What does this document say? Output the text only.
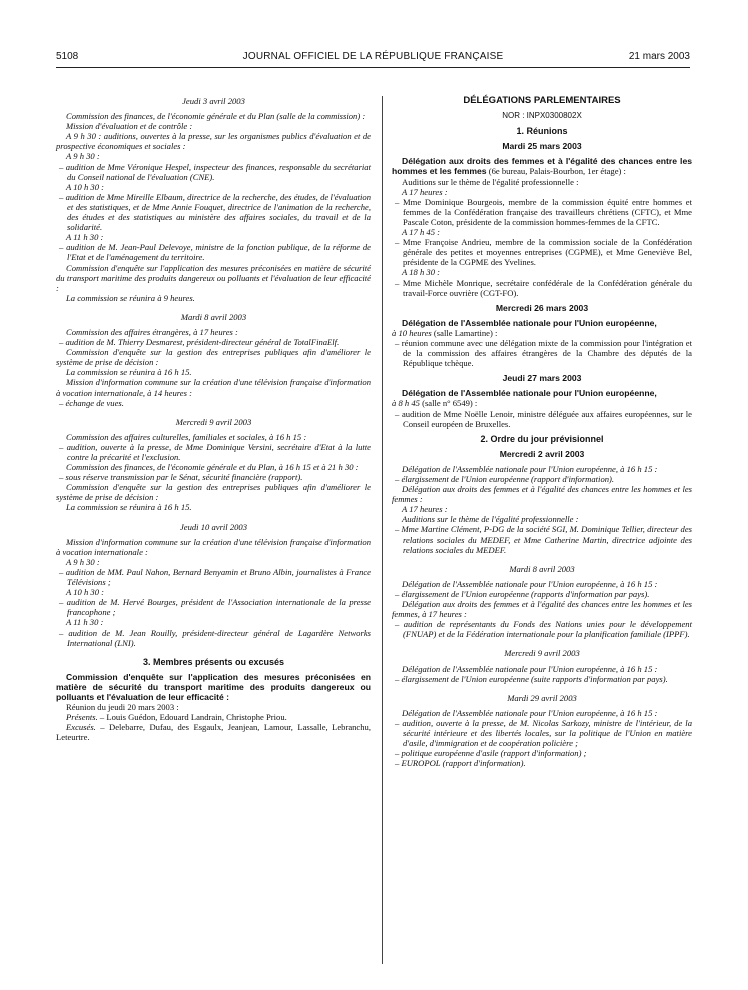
5108	JOURNAL OFFICIEL DE LA RÉPUBLIQUE FRANÇAISE	21 mars 2003

Jeudi 3 avril 2003

Commission des finances, de l'économie générale et du Plan (salle de la commission) :

Mission d'évaluation et de contrôle :

A 9 h 30 : auditions, ouvertes à la presse, sur les organismes publics d'évaluation et de prospective économiques et sociales :

A 9 h 30 :

– audition de Mme Véronique Hespel, inspecteur des finances, responsable du secrétariat du Conseil national de l'évaluation (CNE).

A 10 h 30 :

– audition de Mme Mireille Elbaum, directrice de la recherche, des études, de l'évaluation et des statistiques, et de Mme Annie Fouquet, directrice de l'animation de la recherche, des études et des statistiques au ministère des affaires sociales, du travail et de la solidarité.

A 11 h 30 :

– audition de M. Jean-Paul Delevoye, ministre de la fonction publique, de la réforme de l'Etat et de l'aménagement du territoire.

Commission d'enquête sur l'application des mesures préconisées en matière de sécurité du transport maritime des produits dangereux ou polluants et l'évaluation de leur efficacité :

La commission se réunira à 9 heures.

Mardi 8 avril 2003

Commission des affaires étrangères, à 17 heures :

– audition de M. Thierry Desmarest, président-directeur général de TotalFinaElf.

Commission d'enquête sur la gestion des entreprises publiques afin d'améliorer le système de prise de décision :

La commission se réunira à 16 h 15.

Mission d'information commune sur la création d'une télévision française d'information à vocation internationale, à 14 heures :

– échange de vues.

Mercredi 9 avril 2003

Commission des affaires culturelles, familiales et sociales, à 16 h 15 :

– audition, ouverte à la presse, de Mme Dominique Versini, secrétaire d'Etat à la lutte contre la précarité et l'exclusion.

Commission des finances, de l'économie générale et du Plan, à 16 h 15 et à 21 h 30 :

– sous réserve transmission par le Sénat, sécurité financière (rapport).

Commission d'enquête sur la gestion des entreprises publiques afin d'améliorer le système de prise de décision :

La commission se réunira à 16 h 15.

Jeudi 10 avril 2003

Mission d'information commune sur la création d'une télévision française d'information à vocation internationale :

A 9 h 30 :

– audition de MM. Paul Nahon, Bernard Benyamin et Bruno Albin, journalistes à France Télévisions ;

A 10 h 30 :

– audition de M. Hervé Bourges, président de l'Association internationale de la presse francophone ;

A 11 h 30 :

– audition de M. Jean Rouilly, président-directeur général de Lagardère Networks International (LNI).

3. Membres présents ou excusés

Commission d'enquête sur l'application des mesures préconisées en matière de sécurité du transport maritime des produits dangereux ou polluants et l'évaluation de leur efficacité :

Réunion du jeudi 20 mars 2003 :

Présents. – Louis Guédon, Edouard Landrain, Christophe Priou.

Excusés. – Delebarre, Dufau, des Esgaulx, Jeanjean, Lamour, Lassalle, Lebranchu, Leteurtre.

DÉLÉGATIONS PARLEMENTAIRES

NOR : INPX0300802X

1. Réunions

Mardi 25 mars 2003

Délégation aux droits des femmes et à l'égalité des chances entre les hommes et les femmes (6e bureau, Palais-Bourbon, 1er étage) :

Auditions sur le thème de l'égalité professionnelle :

A 17 heures :

– Mme Dominique Bourgeois, membre de la commission équité entre hommes et femmes de la Confédération française des travailleurs chrétiens (CFTC), et Mme Pascale Coton, présidente de la commission hommes-femmes de la CFTC.

A 17 h 45 :

– Mme Françoise Andrieu, membre de la commission sociale de la Confédération générale des petites et moyennes entreprises (CGPME), et Mme Geneviève Bel, présidente de la CGPME des Yvelines.

A 18 h 30 :

– Mme Michèle Monrique, secrétaire confédérale de la Confédération générale du travail-Force ouvrière (CGT-FO).

Mercredi 26 mars 2003

Délégation de l'Assemblée nationale pour l'Union européenne,

à 10 heures (salle Lamartine) :

– réunion commune avec une délégation mixte de la commission pour l'intégration et de la commission des affaires étrangères de la Chambre des députés de la République tchèque.

Jeudi 27 mars 2003

Délégation de l'Assemblée nationale pour l'Union européenne,

à 8 h 45 (salle n° 6549) :

– audition de Mme Noëlle Lenoir, ministre déléguée aux affaires européennes, sur le Conseil européen de Bruxelles.

2. Ordre du jour prévisionnel

Mercredi 2 avril 2003

Délégation de l'Assemblée nationale pour l'Union européenne, à 16 h 15 :

– élargissement de l'Union européenne (rapport d'information).

Délégation aux droits des femmes et à l'égalité des chances entre les hommes et les femmes :

A 17 heures :

Auditions sur le thème de l'égalité professionnelle :

– Mme Martine Clément, P-DG de la société SGI, M. Dominique Tellier, directeur des relations sociales du MEDEF, et Mme Catherine Martin, directrice adjointe des relations sociales du MEDEF.

Mardi 8 avril 2003

Délégation de l'Assemblée nationale pour l'Union européenne, à 16 h 15 :

– élargissement de l'Union européenne (rapports d'information par pays).

Délégation aux droits des femmes et à l'égalité des chances entre les hommes et les femmes, à 17 heures :

– audition de représentants du Fonds des Nations unies pour le développement (FNUAP) et de la Fédération internationale pour la planification familiale (IPPF).

Mercredi 9 avril 2003

Délégation de l'Assemblée nationale pour l'Union européenne, à 16 h 15 :

– élargissement de l'Union européenne (suite rapports d'information par pays).

Mardi 29 avril 2003

Délégation de l'Assemblée nationale pour l'Union européenne, à 16 h 15 :

– audition, ouverte à la presse, de M. Nicolas Sarkozy, ministre de l'intérieur, de la sécurité intérieure et des libertés locales, sur la politique de l'Union en matière d'asile, d'immigration et de coopération policière ;

– politique européenne d'asile (rapport d'information) ;

– EUROPOL (rapport d'information).
